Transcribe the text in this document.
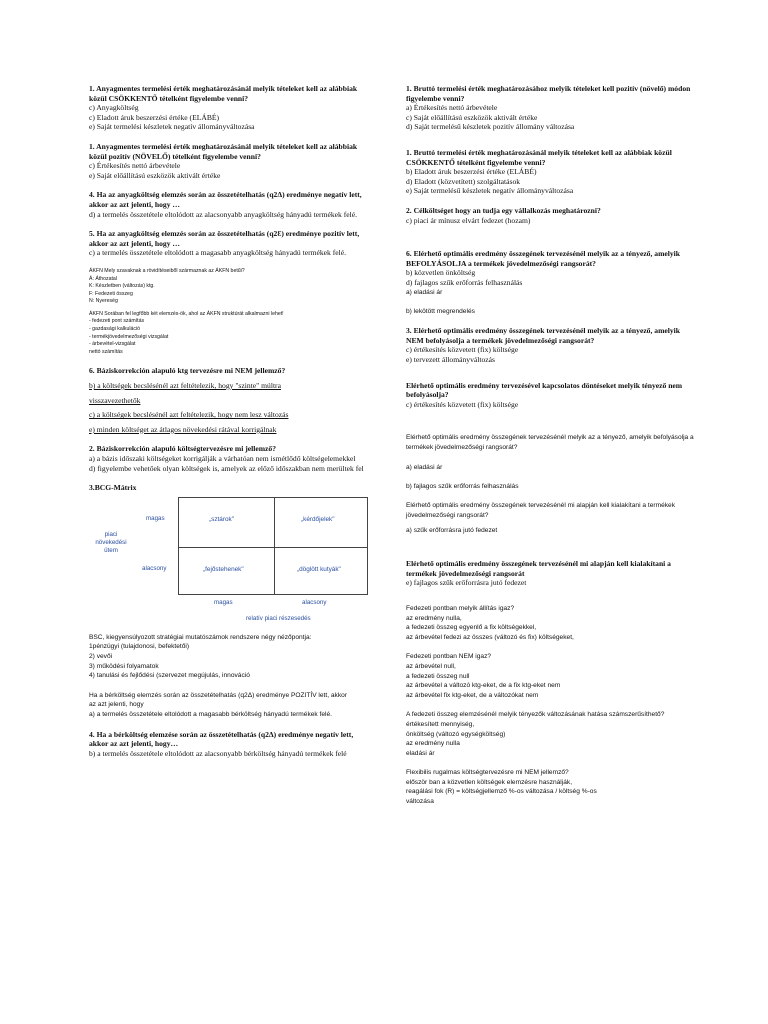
1. Anyagmentes termelési érték meghatározásánál melyik tételeket kell az alábbiak közül CSÖKKENTŐ tételként figyelembe venni?
c) Anyagköltség
c) Eladott áruk beszerzési értéke (ELÁBÉ)
e) Saját termelési készletek negatív állományváltozása
1. Anyagmentes termelési érték meghatározásánál melyik tételeket kell az alábbiak közül pozitív (NÖVELŐ) tételként figyelembe venni?
c) Értékesítés nettó árbevétele
e) Saját előállítású eszközök aktivált értéke
4. Ha az anyagköltség elemzés során az összetételhatás (q2Δ) eredménye negatív lett, akkor az azt jelenti, hogy …
d) a termelés összetétele eltolódott az alacsonyabb anyagköltség hányadú termékek felé.
5. Ha az anyagköltség elemzés során az összetételhatás (q2Ɛ) eredménye pozitív lett, akkor az azt jelenti, hogy …
c) a termelés összetétele eltolódott a magasabb anyagköltség hányadú termékek felé.
ÁKFN Mely szavaknak a rövidítéseiből származnak az ÁKFN betűi?
Á: Áthozatal
K: Készletben (változás) ktg.
F: Fedezeti összeg
N: Nyereség
ÁKFN Sorában fel legfőbb két elemzés-ök, ahol az ÁKFN struktúrát alkalmazni lehet!
- fedezeti pont számítás
- gazdasági kalkuláció
- termékjövedelmezőségi vizsgálat
- árbevétel-vizsgálat
nettó számítás
6. Báziskorrekción alapuló ktg tervezésre mi NEM jellemző?
b) a költségek becslésénél azt feltételezik, hogy "szinte" múltra
visszavezethetők
c) a költségek becslésénél azt feltételezik, hogy nem lesz változás
e) minden költséget az átlagos növekedési rátával korrigálnak
2. Báziskorrekción alapuló költségtervezésre mi jellemző?
a) a bázis időszaki költségeket korrigálják a várhatóan nem ismétlődő költségelemekkel
d) figyelembe vehetőek olyan költségek is, amelyek az előző időszakban nem merültek fel
3.BCG-Mátrix
„sztárok"	„kérdőjelek"
„fejőstehenek"	„döglött kutyák"
magas
alacsony
piaci növekedési ütem
magas	alacsony
relatív piaci részesedés
BSC, kiegyensúlyozott stratégiai mutatószámok rendszere négy nézőpontja:
1pénzügyi (tulajdonosi, befektetői)
2) vevői
3) működési folyamatok
4) tanulási és fejlődési (szervezet megújulás, innováció
Ha a bérköltség elemzés során az összetételhatás (q2Δ) eredménye POZITÍV lett, akkor
az azt jelenti, hogy
a) a termelés összetétele eltolódott a magasabb bérköltség hányadú termékek felé.
4. Ha a bérköltség elemzése során az összetételhatás (q2Δ) eredménye negatív lett, akkor az azt jelenti, hogy…
b) a termelés összetétele eltolódott az alacsonyabb bérköltség hányadú termékek felé
1. Bruttó termelési érték meghatározásához melyik tételeket kell pozitív (növelő) módon figyelembe venni?
a) Értékesítés nettó árbevétele
c) Saját előállítású eszközök aktivált értéke
d) Saját termelésű készletek pozitív állomány változása
1. Bruttó termelési érték meghatározásánál melyik tételeket kell az alábbiak közül CSÖKKENTŐ tételként figyelembe venni?
b) Eladott áruk beszerzési értéke (ELÁBÉ)
d) Eladott (közvetített) szolgáltatások
e) Saját termelésű készletek negatív állományváltozása
2. Célköltséget hogy an tudja egy vállalkozás meghatározni?
c) piaci ár mínusz elvárt fedezet (hozam)
6. Elérhető optimális eredmény összegének tervezésénél melyik az a tényező, amelyik BEFOLYÁSOLJA a termékek jövedelmezőségi rangsorát?
b) közvetlen önköltség
d) fajlagos szűk erőforrás felhasználás
a) eladási ár

b) lekötött megrendelés
3. Elérhető optimális eredmény összegének tervezésénél melyik az a tényező, amelyik NEM befolyásolja a termékek jövedelmezőségi rangsorát?
c) értékesítés közvetett (fix) költsége
e) tervezett állományváltozás
Elérhető optimális eredmény tervezésével kapcsolatos döntéseket melyik tényező nem befolyásolja?
c) értékesítés közvetett (fix) költsége
Elérhető optimális eredmény összegének tervezésénél melyik az a tényező, amelyik befolyásolja a termékek jövedelmezőségi rangsorát?
a) eladási ár

b) fajlagos szűk erőforrás felhasználás
Elérhető optimális eredmény összegének tervezésénél mi alapján kell kialakítani a termékek jövedelmezőségi rangsorát?
a) szűk erőforrásra jutó fedezet
Elérhető optimális eredmény összegének tervezésénél mi alapján kell kialakítani a termékek jövedelmezőségi rangsorát
e) fajlagos szűk erőforrásra jutó fedezet
Fedezeti pontban melyik állítás igaz?
az eredmény nulla,
a fedezeti összeg egyenlő a fix költségekkel,
az árbevétel fedezi az összes (változó és fix) költségeket,
Fedezeti pontban NEM igaz?
az árbevétel null,
a fedezeti összeg null
az árbevétel a változó ktg-eket, de a fix ktg-eket nem
az árbevétel fix ktg-eket, de a változókat nem
A fedezeti összeg elemzésénél melyik tényezők változásának hatása számszerűsíthető?
értékesített mennyiség,
önköltség (változó egységköltség)
az eredmény nulla
eladási ár
Flexibilis rugalmas költségtervezésre mi NEM jellemző?
először ban a közvetlen költségek elemzésre használják,
reagálási fok (R) = költségjellemző %-os változása / költség %-os
változása
